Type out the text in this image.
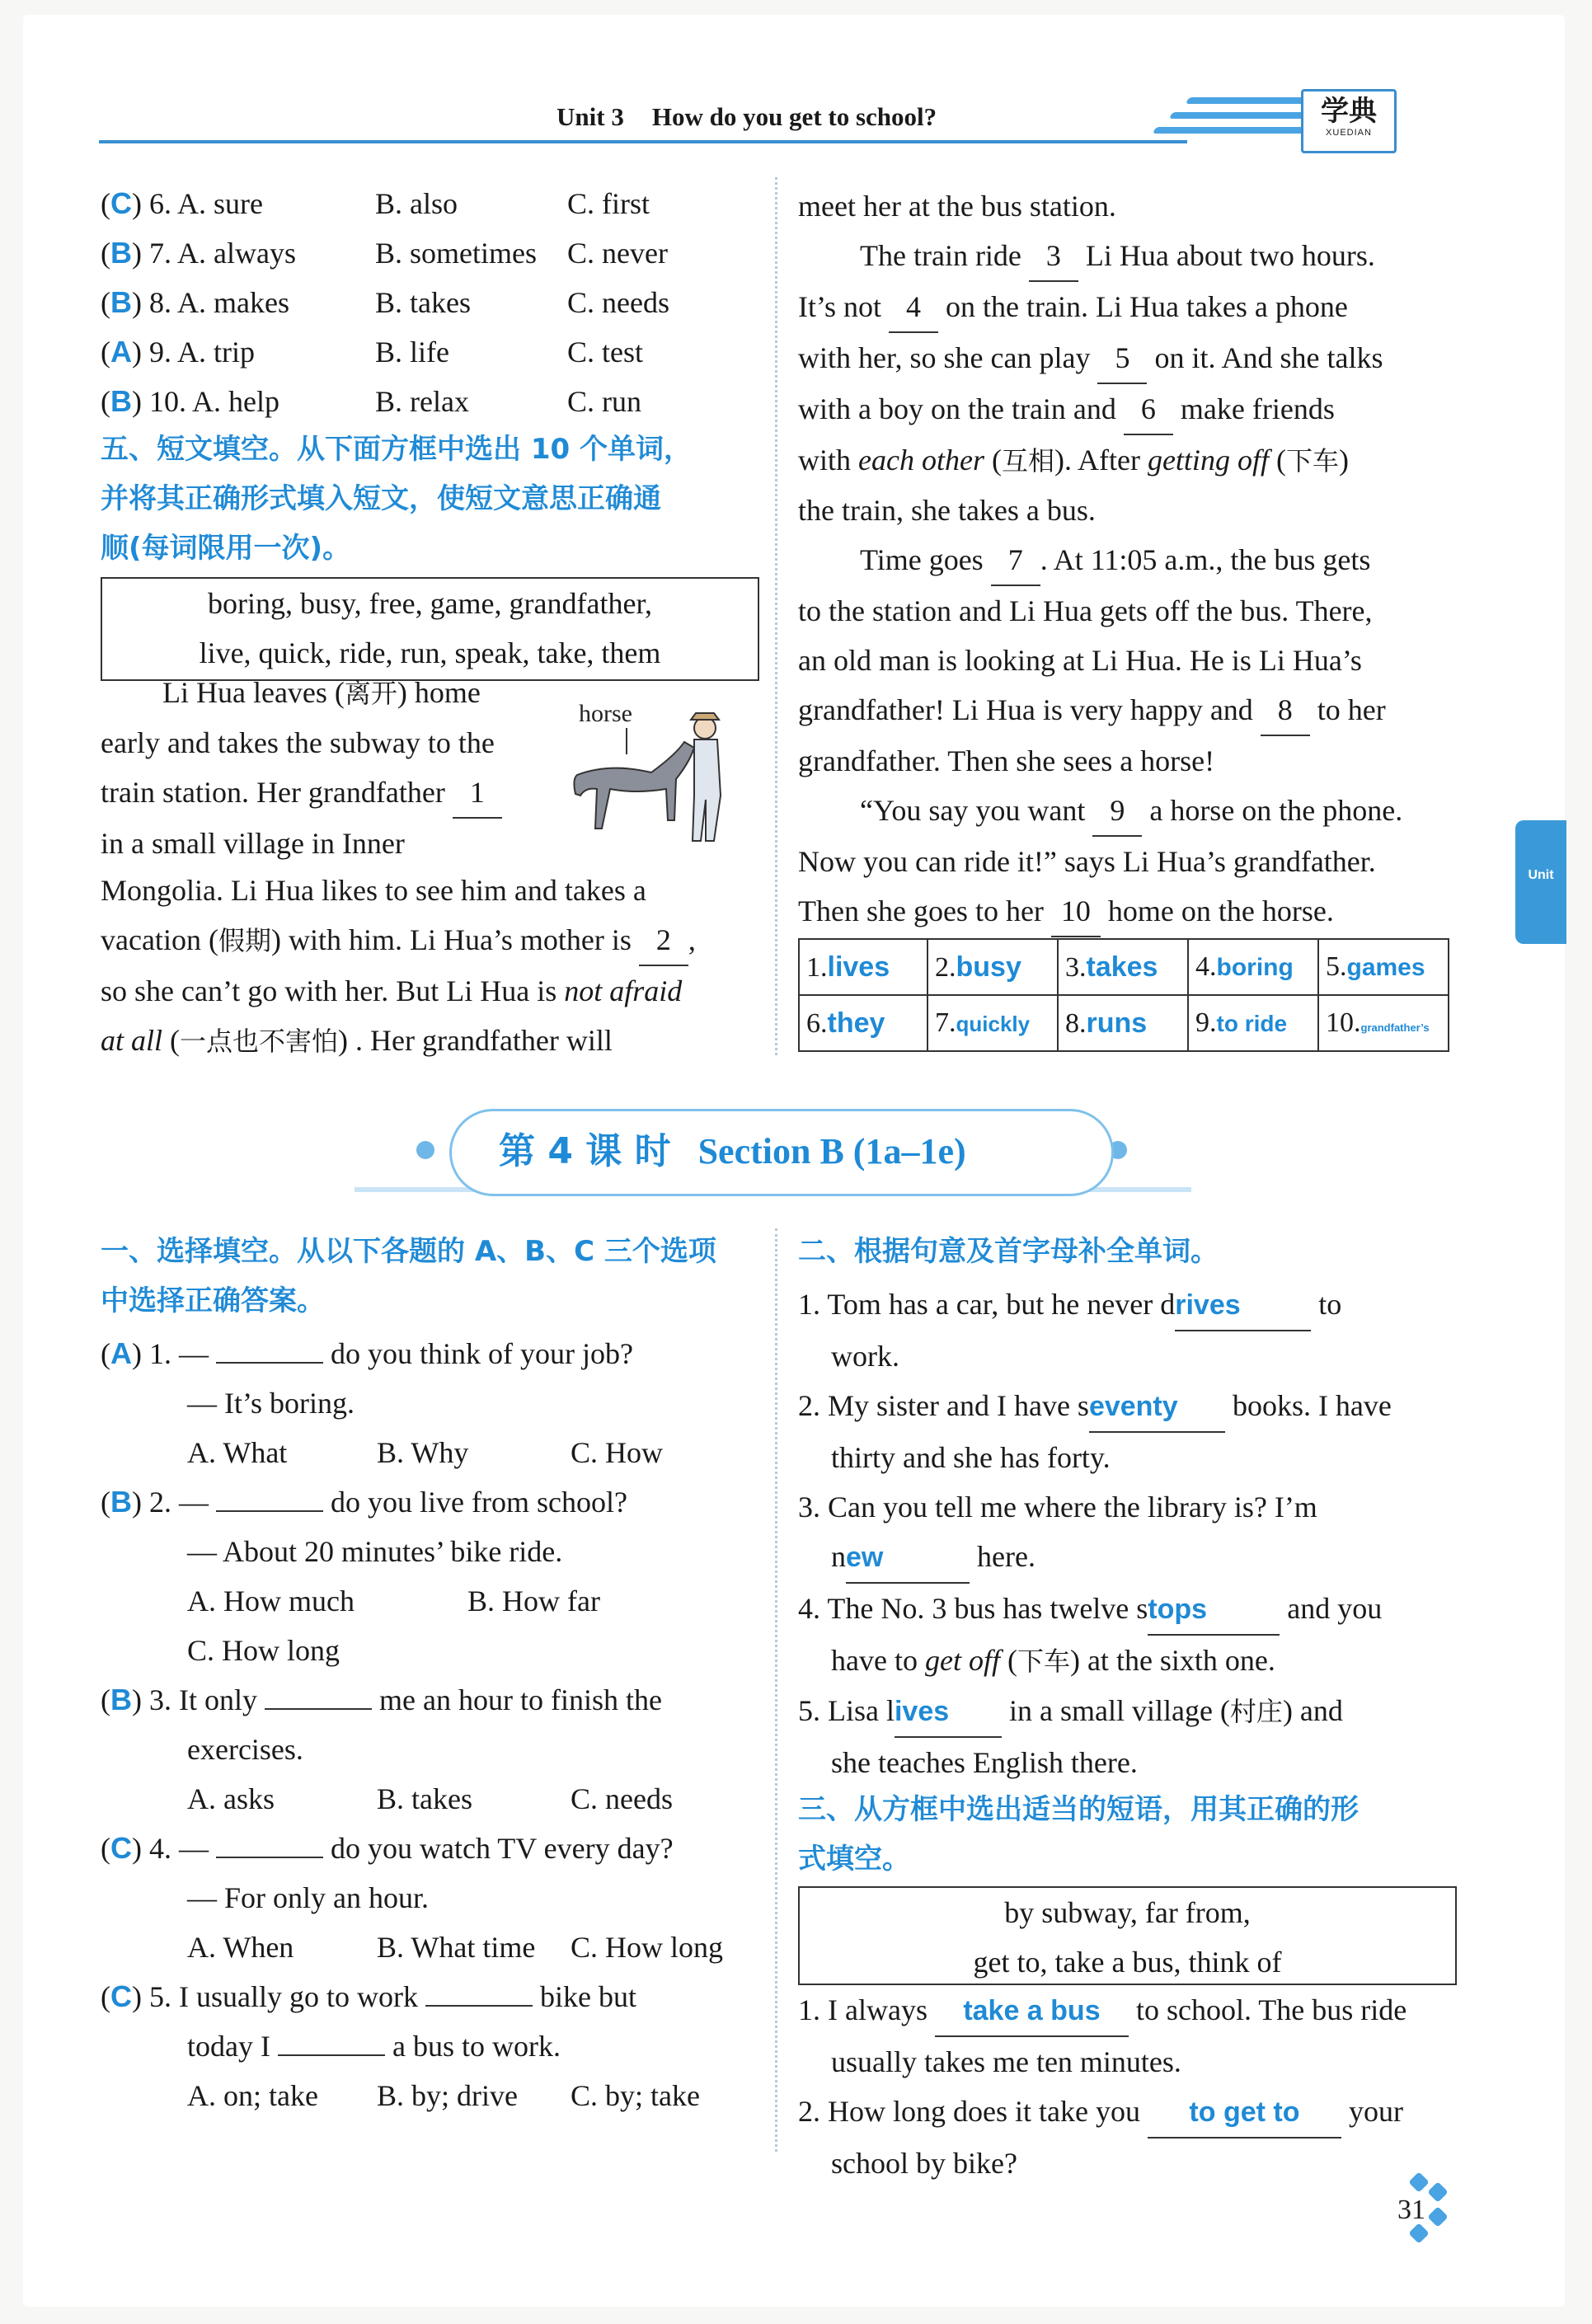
Unit 3 How do you get to school?	学典
XUEDIAN
Unit
(C) 6. A. sure	B. also	C. first
(B) 7. A. always	B. sometimes C. never
(B) 8. A. makes	B. takes	C. needs
(A) 9. A. trip	B. life	C. test
(B) 10. A. help	B. relax	C. run
五、短文填空。从下面方框中选出 10 个单词，
并将其正确形式填入短文，使短文意思正确通
顺(每词限用一次)。
boring, busy, free, game, grandfather,
live, quick, ride, run, speak, take, them
horse
Li Hua leaves (离开) home
early and takes the subway to the
train station. Her grandfather 1
in a small village in Inner
Mongolia. Li Hua likes to see him and takes a
vacation (假期) with him. Li Hua’s mother is 2 ,
so she can’t go with her. But Li Hua is not afraid
at all (一点也不害怕) . Her grandfather will
meet her at the bus station.
The train ride 3 Li Hua about two hours.
It’s not 4 on the train. Li Hua takes a phone
with her, so she can play 5 on it. And she talks
with a boy on the train and 6 make friends
with each other (互相). After getting off (下车)
the train, she takes a bus.
Time goes 7 . At 11:05 a.m., the bus gets
to the station and Li Hua gets off the bus. There,
an old man is looking at Li Hua. He is Li Hua’s
grandfather! Li Hua is very happy and 8 to her
grandfather. Then she sees a horse!
“You say you want 9 a horse on the phone.
Now you can ride it!” says Li Hua’s grandfather.
Then she goes to her 10 home on the horse.
1.lives	2.busy	3.takes	4.boring	5.games
6.they	7.quickly	8.runs	9.to ride	10.grandfather’s
第 4 课 时 Section B (1a–1e)
一、选择填空。从以下各题的 A、B、C 三个选项
中选择正确答案。
(A) 1. —	do you think of your job?
— It’s boring.
A. What	B. Why	C. How
(B) 2. —	do you live from school?
— About 20 minutes’ bike ride.
A. How much	B. How far
C. How long
(B) 3. It only	me an hour to finish the
exercises.
A. asks	B. takes	C. needs
(C) 4. —	do you watch TV every day?
— For only an hour.
A. When	B. What time	C. How long
(C) 5. I usually go to work	bike but
today I	a bus to work.
A. on; take	B. by; drive	C. by; take
二、根据句意及首字母补全单词。
1. Tom has a car, but he never drives	to
work.
2. My sister and I have seventy books. I have
thirty and she has forty.
3. Can you tell me where the library is? I’m
new	here.
4. The No. 3 bus has twelve stops	and you
have to get off (下车) at the sixth one.
5. Lisa lives in a small village (村庄) and
she teaches English there.
三、从方框中选出适当的短语，用其正确的形
式填空。
by subway, far from,
get to, take a bus, think of
1. I always take a bus to school. The bus ride
usually takes me ten minutes.
2. How long does it take you to get to your
school by bike?
31
